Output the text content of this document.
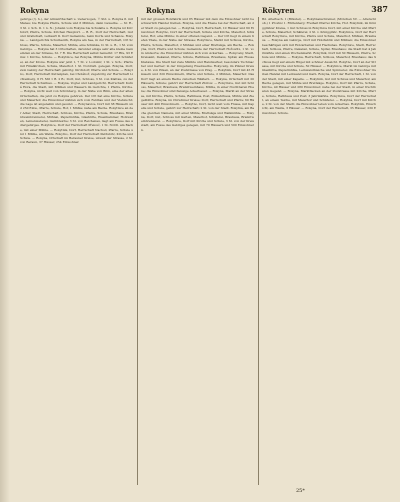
Rokyna	Rokyna	Rökyren	387
gebirge (!). h.), der Almwirthschaft u. Ueberzogen, ½ Std. u. Rokyna fl. mit Manes; bie Rokyna Pfarre, Schule und 6 Mühlen, dann Gewerke. — Sr. R., 3 St. v. Sch. D. 1 n. N.; Johann vom Rokyna bie Schulalte u. Rokyna ist Kirchdorf, Pfarre, Schule. Kirchen Hauptort. — B. R., Dorf der Herrschaft, Gut und Grafschaft, verkauft D. Dorf Gemeinde, beim Dorfe und Schanze. Rokyna. — Landgerichts Schulbezirk, Rokyna am See, in der Herrschaft, Ort Schloss, Pfarre, Schule, Maierhof, Mühle, eine Schänke, D. St. u. B., 1 M. vom Gebirge. — Rokyna hat 3 Ortschaften, darunter einige sehr alte kleine Gemeinden an der Strasse, St. 7 R. Die Herrschaft selbst bemerkt: 17 Hfe, 93 Einw. 1 Kirche, Schule. — Rokytnice, bei Rokyna, Mühle Dörfer und Schäferei, an der Krone. Rokyna war jetzt 1, 7 St. v. Lodomir, 1 St. v. Sch.; Pfarre mit Filialkirchen, Schule, Maierhof. 1 St. Nordöstl. gelegen. Rokyna, Dorf, zum Gebirg der Herrschaft gehörig; Kirchdorf, Pfarre und Schule. — Rokytno, Dorf, Herrschaft Kuttenplan, bei Chotěboř, zugehörig zur Herrschaft Lichtenberg, 6 H. Mit 1 B. 2 B.; Dorf, Gut, Schloss, 3 St. von Klattau, zu der Herrschaft Schwihau. — Rokyna, Vogtei und Landgericht, Herrschaft: Kutná Hora, die Stadt, mit Mühlen und Wassern im Gerichte, 1 Pfarre, Kirche. — Rokyna, nicht weit von Schönberg, in der Nähe von Bilin, eine der alten Ortschaften, die jetzt zu Rokyna gehören. Der Ort hat eine Kirche, Schule und Maierhof; die Einwohner nähren sich vom Feldbau und der Viehzucht; die Lage ist angenehm und gesund. — Rokynavice, Dorf mit 38 Häusern und 250 Einw., Pfarre, Schule, Hof, 1 Mühle; nahe am Bache. Rokytnice an der Adler, Stadt, Herrschaft, Schloss, Kirche, Pfarre, Schule, Brauhaus, Branntweinbrennerei, Mühlen, Papiermühle, Glashütte, Eisenhammer, Holzwaren, Leinenweberei, Garnbleiche; 3 St. von Reichenau, liegt am Fusse des Adlergebirges. Rokytnice, Dorf der Herrschaft Přelouč, 1 St. Nördl. am Bache, mit einer Mühle. — Rokytnik, Dorf, Herrschaft Nachod, Pfarre, Schule und 1 Mühle, am Walde. Rokytno, Dorf der Herrschaft Pardubitz, Kirche und Schule. — Rokyna, Ortschaft im Berauner Kreise, unweit der Strasse, 2 St. von Beraun, 37 Häuser, 254 Einwohner.
mit der grossen Holzfabrik und 85 Häuser mit dem die Einwohner nicht beschwerlich Handel treiben. Rokyna, und die Ebene bei der Herrschaft, an der Stadt zu gelegen bei. — Rokytná, Dorf, Herrschaft, 10 Häuser und 60 Einwohner; Rokytno, Dorf der Herrschaft, Schule und Kirche, Maierhof, Schäferei, Hof, eine Mühle; in einer offenen Gegend. — Der Ort liegt in einem tiefen Thale, in der Nähe der Strasse; Rokytnice, Markt mit Schloss, Kirche, Pfarre, Schule, Maierhof, 2 Mühlen und einer Brettsäge, am Bache. — Rokyna, Dorf, Pfarre und Schule; Gemeinde der Herrschaft Hořowitz, 1 St. vom Amtsorte; die Einwohner nähren sich vom Ackerbau. — Rokycany, Stadt, Kreisamt, Dekanat, Pfarre, Schule, Rathhaus, Brauhaus, Spital; am Flusse Klabawa. Die Stadt hat viele Märkte und Handwerker, besonders Tuchmacher und Gerber; in der Umgebung Eisenwerke. Rokycany, im Pilsner Kreise, 4 St. von Pilsen, an der Poststrasse von Prag. — Rokytnik, Dorf mit 45 Häusern und 320 Einwohnern, Pfarre und Schule, 2 Mühlen, Maierhof. Das Dorf liegt an einem Bache zwischen Wäldern. — Rokyna, Ortschaft mit 20 Häusern, Schule; gehört zur Herrschaft Zbirow. — Rokytnice, Gut mit Schloss, Maierhof, Brauhaus, Branntweinhaus, Mühle, in einer fruchtbaren Ebene; die Einwohner sind fleissige Ackerbauer. — Rokyna, Markt an der Strasse, mit Kirche, Pfarre, Schule, Rathhaus, Post, Einkehrhaus, Mühle und Ziegelhütte. Rokyna, im Chrudimer Kreise; Dorf, Herrschaft und Pfarre; 60 Häuser mit 400 Einwohnern. — Rokytno, Dorf, nicht weit vom Flusse, mit Kapelle und Schule, gehört zur Herrschaft; 2 St. von der Stadt. Rokytná, am Bache gleichen Namens, mit einer Mühle, Brettsäge und Walkmühle. — Rokyna, Dorf, Gut, Schloss mit Garten, Maierhof, Schäferei, Brauhaus, Branntweinbrennerei. — Rokytnice, Dorf mit Kirche und Schule, 3 St. von der Kreisstadt, am Fusse des Gebirges gelegen, mit 70 Häusern und 500 Einwohnern.
Bd. Alterbach. 1 (Bräutel). — Rokytnanschreiner, (Mönchen Nr. — Alterschloß.) 1 Provinz 1. Rüttenberg: Freiheit Pfarrei Kirche, Hof. Rokytnik, im Königgrätzer Kreise, 1 Gut Schloss in Rokytnice Dorf, mit einer Kirche und Pfarre, Schule, Maierhof, Schäferei; 2 St. v. Königgrätz. Rokytnice, Dorf der Herrschaft Rokytnice, mit Kirche, Pfarre und Schule, Maierhof, Mühlen, Brauhaus. — Rokyna am Gebirge, Dorf mit Holzfabrik und Mühlen; die Einwohner beschäftigen sich mit Holzarbeiten und Flachsbau. Rokytnice, Stadt, Herrschaft, Schloss, Pfarre, Dekanat, Schule, Spital, Brauhaus; die Stadt hat 4 Jahrmärkte und einen Wochenmarkt. Rokytnik, Dorf mit 30 Häusern, Pfarre, Schule und Mühle. — Rokyna, Herrschaft, Schloss, Maierhof, Brauhaus; das Schloss liegt auf einem Hügel mit schöner Aussicht. Rokytno, Dorf an der Strasse, mit Kirche und Schule, 50 Häuser. — Rokytnice, Markt im Gebirge mit Glashütte, Papiermühle, Leinwandbleiche und Spinnerei; die Einwohner treiben Handel mit Leinwand und Garn. Rokyna, Dorf der Herrschaft, 1 St. von der Stadt, mit einer Kapelle. — Rokytnik, Gut mit Schloss und Maierhof, am Bache gelegen, mit Mühle und Brettsäge. Rokytno, Dorf mit Pfarre, Schule, Kirche, 40 Häuser und 280 Einwohner; nahe bei der Stadt, in einer fruchtbaren Gegend. — Rokyna, Marktflecken an der Poststrasse mit Kirche, Pfarre, Schule, Rathhaus und Post; 3 Jahrmärkte. Rokytnice, Dorf der Herrschaft, an einem Teiche, mit Maierhof und Schäferei. — Rokytná, Dorf mit Kirche, 2 St. von der Stadt; die Einwohner leben vom Ackerbau. Rokytnik, Einschicht, am Walde, 3 Häuser. — Rokyna, Dorf der Herrschaft, 35 Häuser, 230 Einwohner, Schule.
25*
